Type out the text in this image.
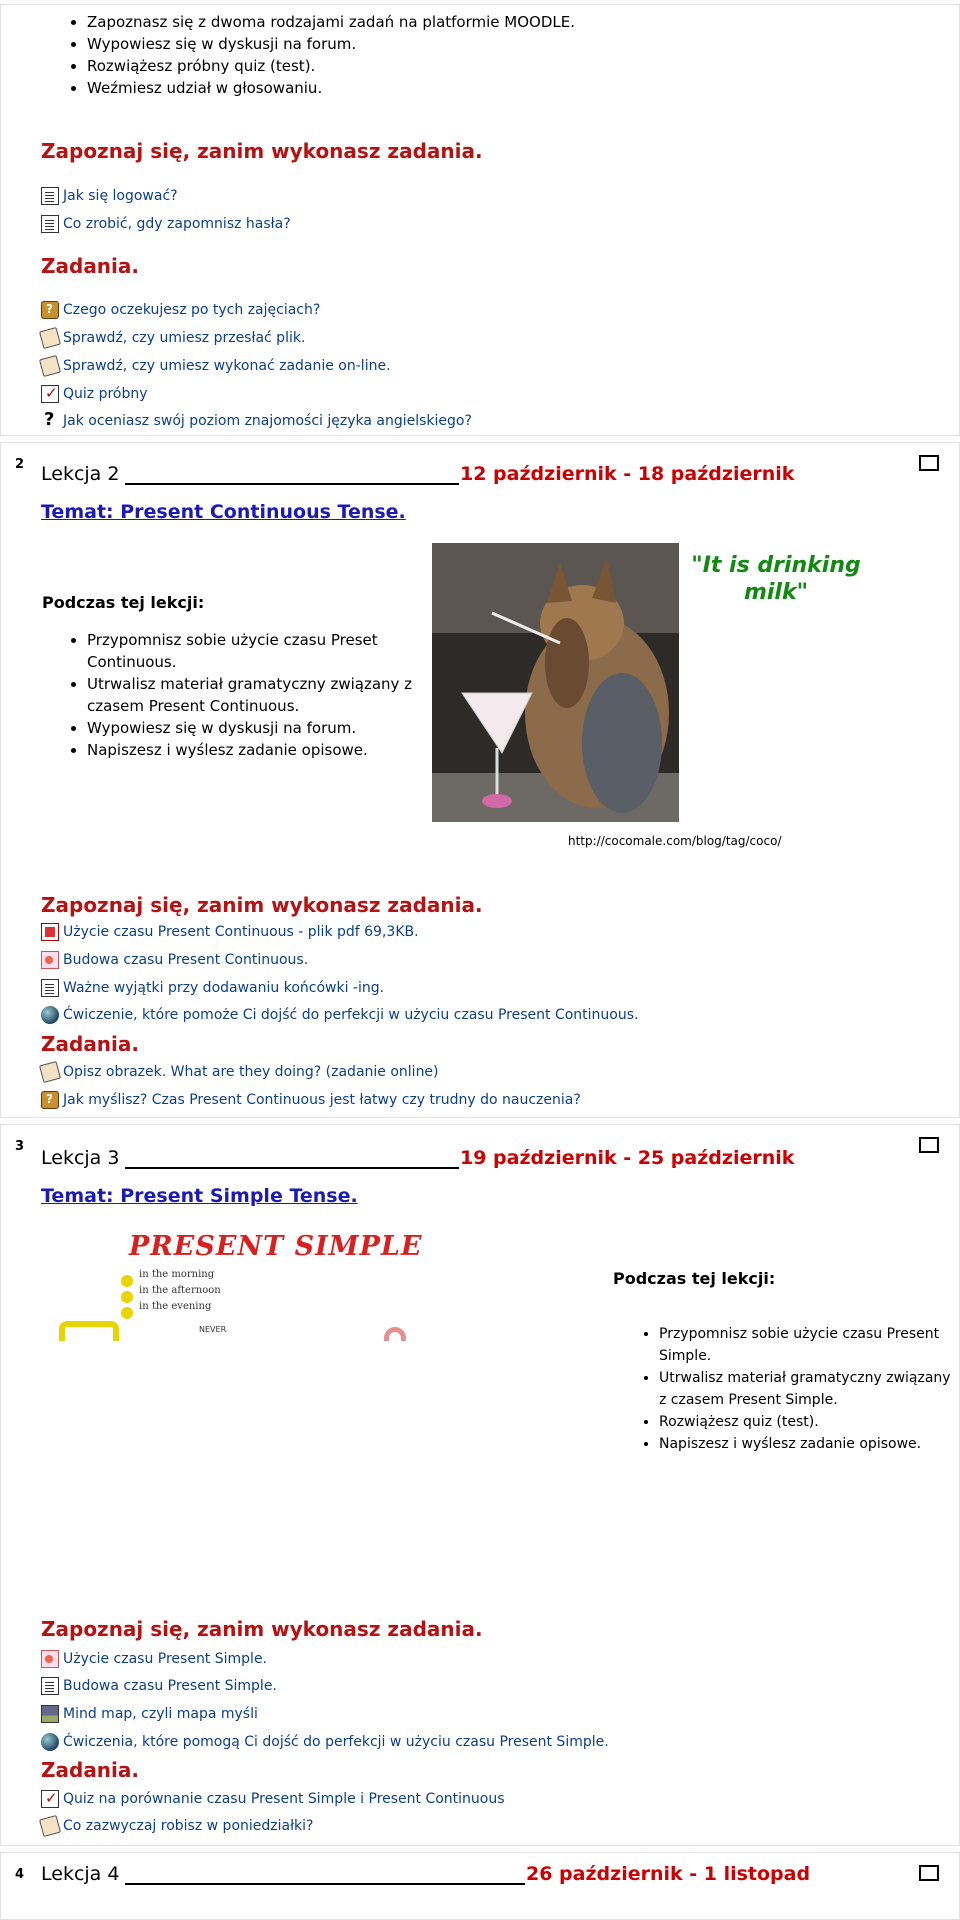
• Zapoznasz się z dwoma rodzajami zadań na platformie MOODLE.
• Wypowiesz się w dyskusji na forum.
• Rozwiążesz próbny quiz (test).
• Weźmiesz udział w głosowaniu.
Zapoznaj się, zanim wykonasz zadania.
Jak się logować?
Co zrobić, gdy zapomnisz hasła?
Zadania.
?
Czego oczekujesz po tych zajęciach?
Sprawdź, czy umiesz przesłać plik.
Sprawdź, czy umiesz wykonać zadanie on-line.
✓
Quiz próbny
?
Jak oceniasz swój poziom znajomości języka angielskiego?
2 Lekcja 2	12 październik - 18 październik
Temat: Present Continuous Tense.
Podczas tej lekcji:
• Przypomnisz sobie użycie czasu Preset Continuous.
• Utrwalisz materiał gramatyczny związany z czasem Present Continuous.
• Wypowiesz się w dyskusji na forum.
• Napiszesz i wyślesz zadanie opisowe.
"It is drinking
milk"
http://cocomale.com/blog/tag/coco/
Zapoznaj się, zanim wykonasz zadania.
Użycie czasu Present Continuous - plik pdf 69,3KB.
Budowa czasu Present Continuous.
Ważne wyjątki przy dodawaniu końcówki -ing.
Ćwiczenie, które pomoże Ci dojść do perfekcji w użyciu czasu Present Continuous.
Zadania.
Opisz obrazek. What are they doing? (zadanie online)
?
Jak myślisz? Czas Present Continuous jest łatwy czy trudny do nauczenia?
3
Lekcja 3	19 październik - 25 październik
Temat: Present Simple Tense.
PRESENT SIMPLE
in the morning
in the afternoon
in the evening
NEVER
Podczas tej lekcji:
• Przypomnisz sobie użycie czasu Present Simple.
• Utrwalisz materiał gramatyczny związany z czasem Present Simple.
• Rozwiążesz quiz (test).
• Napiszesz i wyślesz zadanie opisowe.
Zapoznaj się, zanim wykonasz zadania.
Użycie czasu Present Simple.
Budowa czasu Present Simple.
Mind map, czyli mapa myśli
Ćwiczenia, które pomogą Ci dojść do perfekcji w użyciu czasu Present Simple.
Zadania.
✓
Quiz na porównanie czasu Present Simple i Present Continuous
Co zazwyczaj robisz w poniedziałki?
4 Lekcja 4	26 październik - 1 listopad
